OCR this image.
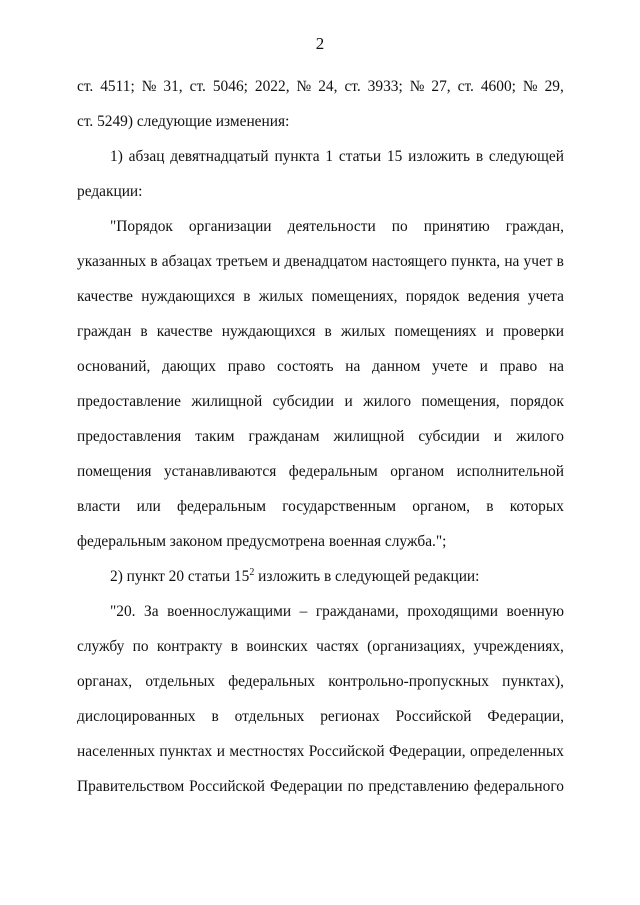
2
ст. 4511; № 31, ст. 5046; 2022, № 24, ст. 3933; № 27, ст. 4600; № 29,
ст. 5249) следующие изменения:
1) абзац девятнадцатый пункта 1 статьи 15 изложить в следующей
редакции:
"Порядок организации деятельности по принятию граждан,
указанных в абзацах третьем и двенадцатом настоящего пункта, на учет в
качестве нуждающихся в жилых помещениях, порядок ведения учета
граждан в качестве нуждающихся в жилых помещениях и проверки
оснований, дающих право состоять на данном учете и право на
предоставление жилищной субсидии и жилого помещения, порядок
предоставления таким гражданам жилищной субсидии и жилого
помещения устанавливаются федеральным органом исполнительной
власти или федеральным государственным органом, в которых
федеральным законом предусмотрена военная служба.";
2) пункт 20 статьи $15^2$ изложить в следующей редакции:
"20. За военнослужащими – гражданами, проходящими военную
службу по контракту в воинских частях (организациях, учреждениях,
органах, отдельных федеральных контрольно-пропускных пунктах),
дислоцированных в отдельных регионах Российской Федерации,
населенных пунктах и местностях Российской Федерации, определенных
Правительством Российской Федерации по представлению федерального
